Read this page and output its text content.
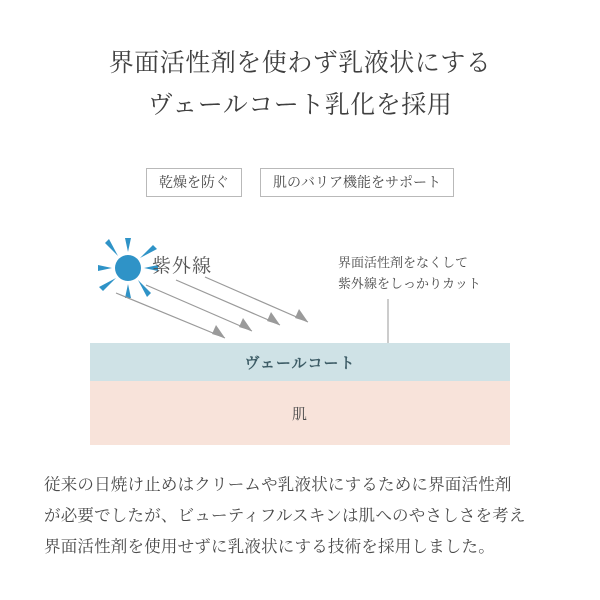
界面活性剤を使わず乳液状にする
ヴェールコート乳化を採用
乾燥を防ぐ	肌のバリア機能をサポート
紫外線	界面活性剤をなくして
紫外線をしっかりカット
ヴェールコート
肌
従来の日焼け止めはクリームや乳液状にするために界面活性剤
が必要でしたが、ビューティフルスキンは肌へのやさしさを考え
界面活性剤を使用せずに乳液状にする技術を採用しました。
